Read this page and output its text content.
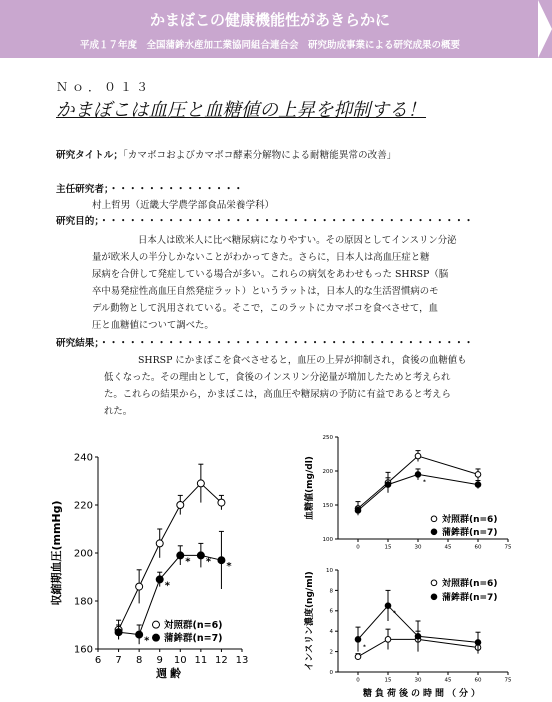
かまぼこの健康機能性があきらかに
平成１７年度　全国蒲鉾水産加工業協同組合連合会　研究助成事業による研究成果の概要
Ｎｏ．０１３
かまぼこは血圧と血糖値の上昇を抑制する！
研究タイトル；「カマボコおよびカマボコ酵素分解物による耐糖能異常の改善」
主任研究者；・・・・・・・・・・・・・・
村上哲男（近畿大学農学部食品栄養学科）
研究目的；・・・・・・・・・・・・・・・・・・・・・・・・・・・・・・・・・・・・・・・
日本人は欧米人に比べ糖尿病になりやすい。その原因としてインスリン分泌
量が欧米人の半分しかないことがわかってきた。さらに，日本人は高血圧症と糖
尿病を合併して発症している場合が多い。これらの病気をあわせもった SHRSP（脳
卒中易発症性高血圧自然発症ラット）というラットは，日本人的な生活習慣病のモ
デル動物として汎用されている。そこで，このラットにカマボコを食べさせて，血
圧と血糖値について調べた。
研究結果；・・・・・・・・・・・・・・・・・・・・・・・・・・・・・・・・・・・・・・・
SHRSP にかまぼこを食べさせると，血圧の上昇が抑制され，食後の血糖値も
低くなった。その理由として，食後のインスリン分泌量が増加したためと考えられ
た。これらの結果から，かまぼこは，高血圧や糖尿病の予防に有益であると考えら
れた。
160
180
200
220
240
6 7 8 9 10 11 12 13
週齢
収縮期血圧(mmHg)
対照群(n=6)
蒲鉾群(n=7)
*
*
* * *
100
150
200
250
0	15	30	45	60	75
血糖値(mg/dl)
対照群(n=6)
蒲鉾群(n=7)
*
0
2
4
6
8
10
0	15	30	45	60	75
糖負荷後の時間（分）
インスリン濃度(ng/ml)	対照群(n=6)
蒲鉾群(n=7)
*
*
